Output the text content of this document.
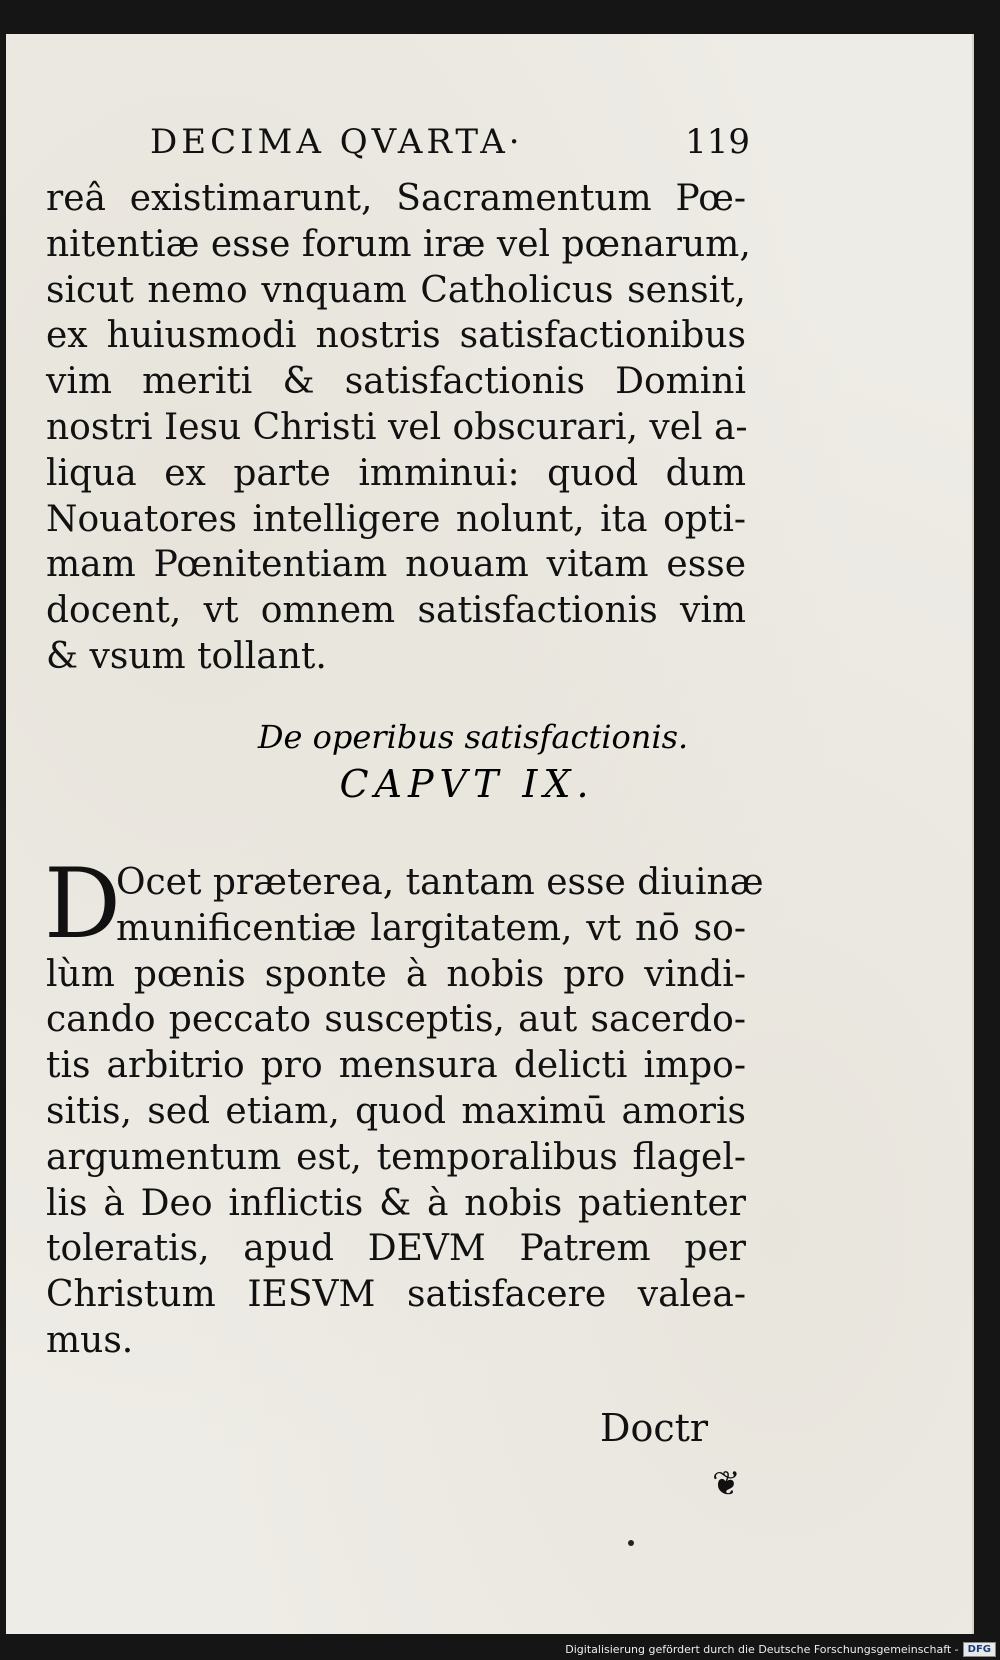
DECIMA QVARTA·	119
reâ existimarunt, Sacramentum Pœ-
nitentiæ esse forum iræ vel pœnarum,
sicut nemo vnquam Catholicus sensit,
ex huiusmodi nostris satisfactionibus
vim meriti & satisfactionis Domini
nostri Iesu Christi vel obscurari, vel a-
liqua ex parte imminui: quod dum
Nouatores intelligere nolunt, ita opti-
mam Pœnitentiam nouam vitam esse
docent, vt omnem satisfactionis vim
& vsum tollant.
De operibus satisfactionis.
CAPVT IX.
D
Ocet præterea, tantam esse diuinæ
munificentiæ largitatem, vt nō so-
lùm pœnis sponte à nobis pro vindi-
cando peccato susceptis, aut sacerdo-
tis arbitrio pro mensura delicti impo-
sitis, sed etiam, quod maximū amoris
argumentum est, temporalibus flagel-
lis à Deo inflictis & à nobis patienter
toleratis, apud DEVM Patrem per
Christum IESVM satisfacere valea-
mus.
Doctr
❦
Digitalisierung gefördert durch die Deutsche Forschungsgemeinschaft - DFG
